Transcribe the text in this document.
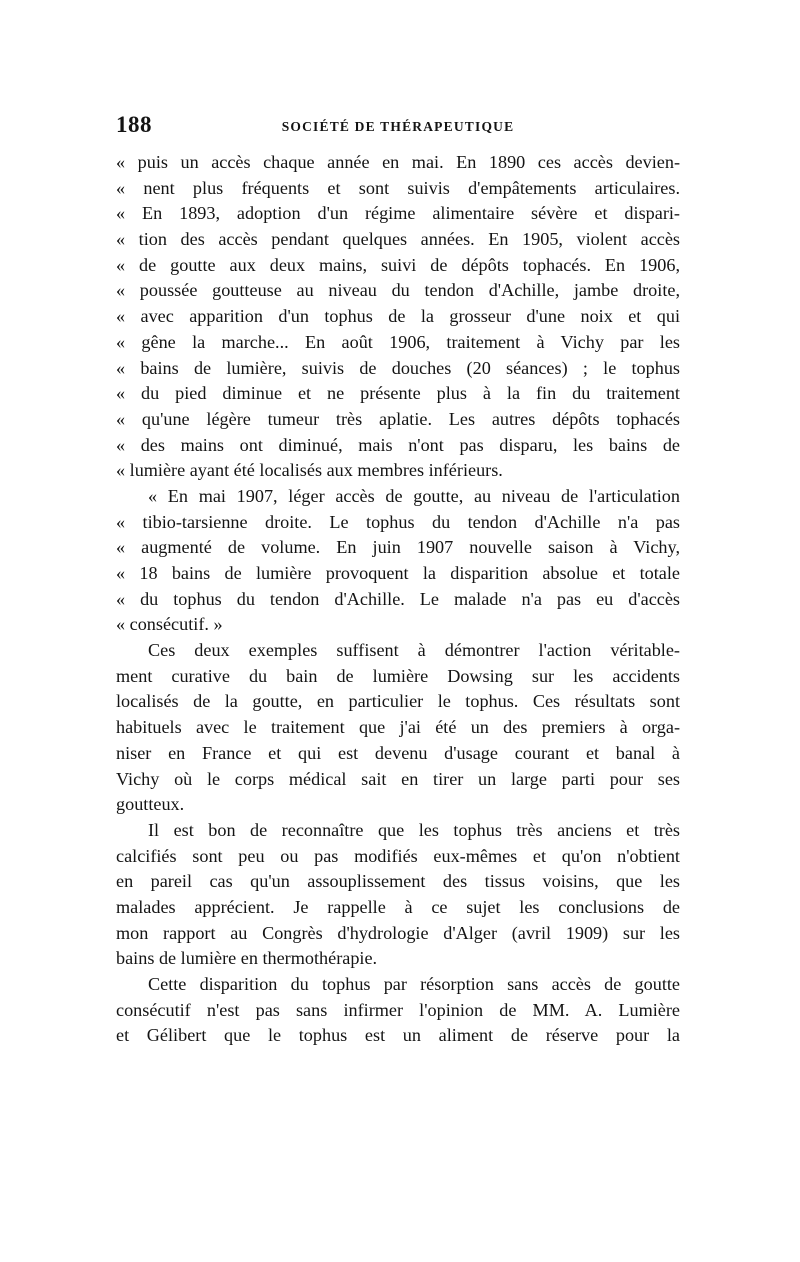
188	SOCIÉTÉ DE THÉRAPEUTIQUE
« puis un accès chaque année en mai. En 1890 ces accès devien-
« nent plus fréquents et sont suivis d'empâtements articulaires.
« En 1893, adoption d'un régime alimentaire sévère et dispari-
« tion des accès pendant quelques années. En 1905, violent accès
« de goutte aux deux mains, suivi de dépôts tophacés. En 1906,
« poussée goutteuse au niveau du tendon d'Achille, jambe droite,
« avec apparition d'un tophus de la grosseur d'une noix et qui
« gêne la marche... En août 1906, traitement à Vichy par les
« bains de lumière, suivis de douches (20 séances) ; le tophus
« du pied diminue et ne présente plus à la fin du traitement
« qu'une légère tumeur très aplatie. Les autres dépôts tophacés
« des mains ont diminué, mais n'ont pas disparu, les bains de
« lumière ayant été localisés aux membres inférieurs.
« En mai 1907, léger accès de goutte, au niveau de l'articulation
« tibio-tarsienne droite. Le tophus du tendon d'Achille n'a pas
« augmenté de volume. En juin 1907 nouvelle saison à Vichy,
« 18 bains de lumière provoquent la disparition absolue et totale
« du tophus du tendon d'Achille. Le malade n'a pas eu d'accès
« consécutif. »
Ces deux exemples suffisent à démontrer l'action véritable-
ment curative du bain de lumière Dowsing sur les accidents
localisés de la goutte, en particulier le tophus. Ces résultats sont
habituels avec le traitement que j'ai été un des premiers à orga-
niser en France et qui est devenu d'usage courant et banal à
Vichy où le corps médical sait en tirer un large parti pour ses
goutteux.
Il est bon de reconnaître que les tophus très anciens et très
calcifiés sont peu ou pas modifiés eux-mêmes et qu'on n'obtient
en pareil cas qu'un assouplissement des tissus voisins, que les
malades apprécient. Je rappelle à ce sujet les conclusions de
mon rapport au Congrès d'hydrologie d'Alger (avril 1909) sur les
bains de lumière en thermothérapie.
Cette disparition du tophus par résorption sans accès de goutte
consécutif n'est pas sans infirmer l'opinion de MM. A. Lumière
et Gélibert que le tophus est un aliment de réserve pour la
